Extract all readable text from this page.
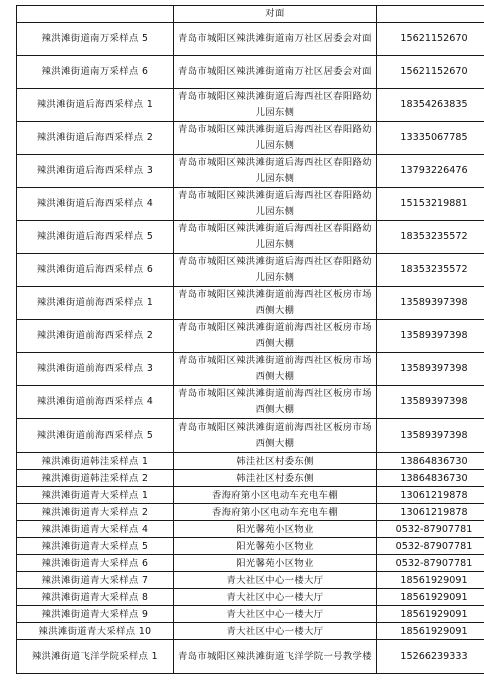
	对面	
辣洪滩街道南万采样点 5	青岛市城阳区辣洪滩街道南万社区居委会对面	15621152670
辣洪滩街道南万采样点 6	青岛市城阳区辣洪滩街道南万社区居委会对面	15621152670
辣洪滩街道后海西采样点 1	青岛市城阳区辣洪滩街道后海西社区春阳路幼儿园东侧	18354263835
辣洪滩街道后海西采样点 2	青岛市城阳区辣洪滩街道后海西社区春阳路幼儿园东侧	13335067785
辣洪滩街道后海西采样点 3	青岛市城阳区辣洪滩街道后海西社区春阳路幼儿园东侧	13793226476
辣洪滩街道后海西采样点 4	青岛市城阳区辣洪滩街道后海西社区春阳路幼儿园东侧	15153219881
辣洪滩街道后海西采样点 5	青岛市城阳区辣洪滩街道后海西社区春阳路幼儿园东侧	18353235572
辣洪滩街道后海西采样点 6	青岛市城阳区辣洪滩街道后海西社区春阳路幼儿园东侧	18353235572
辣洪滩街道前海西采样点 1	青岛市城阳区辣洪滩街道前海西社区板房市场西侧大棚	13589397398
辣洪滩街道前海西采样点 2	青岛市城阳区辣洪滩街道前海西社区板房市场西侧大棚	13589397398
辣洪滩街道前海西采样点 3	青岛市城阳区辣洪滩街道前海西社区板房市场西侧大棚	13589397398
辣洪滩街道前海西采样点 4	青岛市城阳区辣洪滩街道前海西社区板房市场西侧大棚	13589397398
辣洪滩街道前海西采样点 5	青岛市城阳区辣洪滩街道前海西社区板房市场西侧大棚	13589397398
辣洪滩街道韩洼采样点 1	韩洼社区村委东侧	13864836730
辣洪滩街道韩洼采样点 2	韩洼社区村委东侧	13864836730
辣洪滩街道青大采样点 1	香海府第小区电动车充电车棚	13061219878
辣洪滩街道青大采样点 2	香海府第小区电动车充电车棚	13061219878
辣洪滩街道青大采样点 4	阳光馨苑小区物业	0532-87907781
辣洪滩街道青大采样点 5	阳光馨苑小区物业	0532-87907781
辣洪滩街道青大采样点 6	阳光馨苑小区物业	0532-87907781
辣洪滩街道青大采样点 7	青大社区中心一楼大厅	18561929091
辣洪滩街道青大采样点 8	青大社区中心一楼大厅	18561929091
辣洪滩街道青大采样点 9	青大社区中心一楼大厅	18561929091
辣洪滩街道青大采样点 10	青大社区中心一楼大厅	18561929091
辣洪滩街道飞洋学院采样点 1	青岛市城阳区辣洪滩街道飞洋学院一号教学楼	15266239333
